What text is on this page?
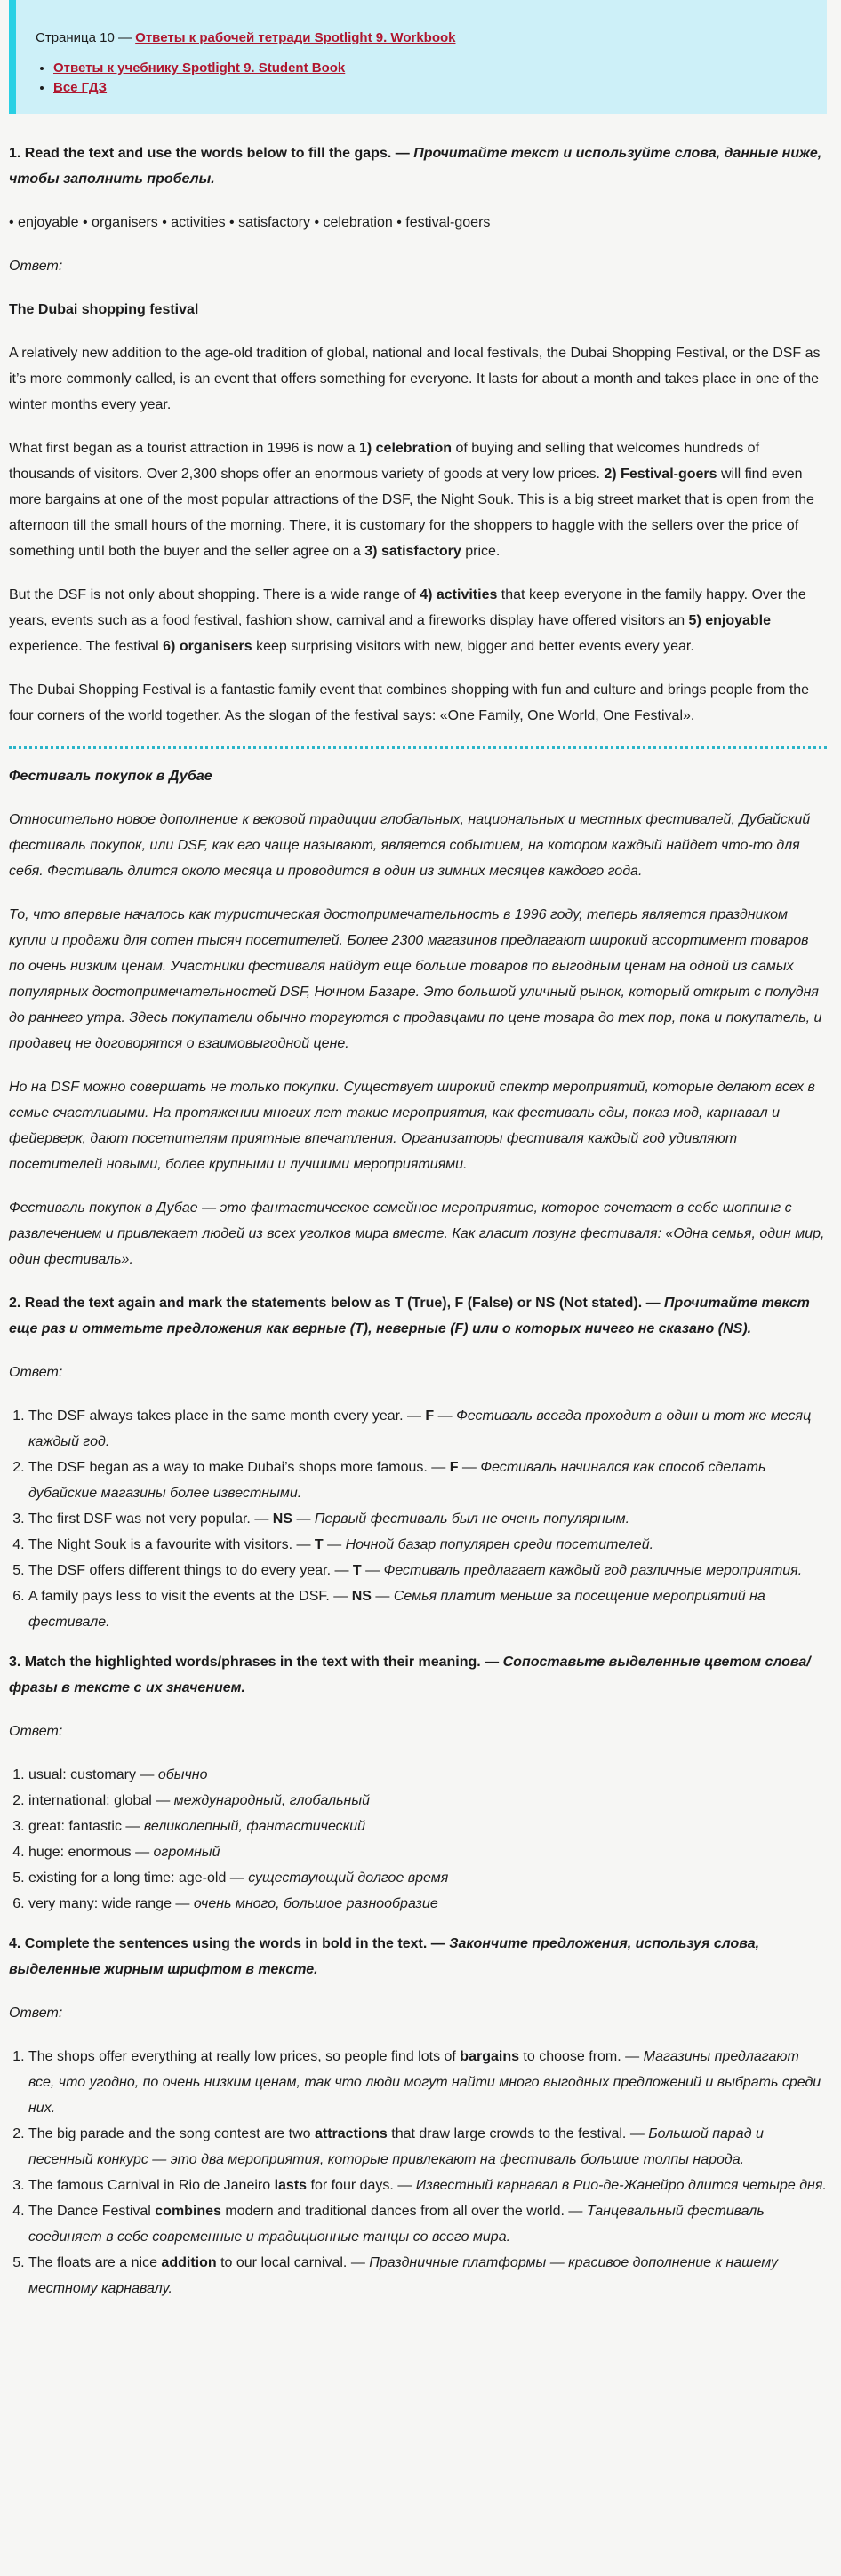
Страница 10 — Ответы к рабочей тетради Spotlight 9. Workbook
• Ответы к учебнику Spotlight 9. Student Book
• Все ГДЗ

1. Read the text and use the words below to fill the gaps. — Прочитайте текст и используйте слова, данные ниже, чтобы заполнить пробелы.

• enjoyable • organisers • activities • satisfactory • celebration • festival-goers

Ответ:

The Dubai shopping festival

A relatively new addition to the age-old tradition of global, national and local festivals, the Dubai Shopping Festival, or the DSF as it’s more commonly called, is an event that offers something for everyone. It lasts for about a month and takes place in one of the winter months every year.

What first began as a tourist attraction in 1996 is now a 1) celebration of buying and selling that welcomes hundreds of thousands of visitors. Over 2,300 shops offer an enormous variety of goods at very low prices. 2) Festival-goers will find even more bargains at one of the most popular attractions of the DSF, the Night Souk. This is a big street market that is open from the afternoon till the small hours of the morning. There, it is customary for the shoppers to haggle with the sellers over the price of something until both the buyer and the seller agree on a 3) satisfactory price.

But the DSF is not only about shopping. There is a wide range of 4) activities that keep everyone in the family happy. Over the years, events such as a food festival, fashion show, carnival and a fireworks display have offered visitors an 5) enjoyable experience. The festival 6) organisers keep surprising visitors with new, bigger and better events every year.

The Dubai Shopping Festival is a fantastic family event that combines shopping with fun and culture and brings people from the four corners of the world together. As the slogan of the festival says: «One Family, One World, One Festival».

Фестиваль покупок в Дубае

Относительно новое дополнение к вековой традиции глобальных, национальных и местных фестивалей, Дубайский фестиваль покупок, или DSF, как его чаще называют, является событием, на котором каждый найдет что-то для себя. Фестиваль длится около месяца и проводится в один из зимних месяцев каждого года.

То, что впервые началось как туристическая достопримечательность в 1996 году, теперь является праздником купли и продажи для сотен тысяч посетителей. Более 2300 магазинов предлагают широкий ассортимент товаров по очень низким ценам. Участники фестиваля найдут еще больше товаров по выгодным ценам на одной из самых популярных достопримечательностей DSF, Ночном Базаре. Это большой уличный рынок, который открыт с полудня до раннего утра. Здесь покупатели обычно торгуются с продавцами по цене товара до тех пор, пока и покупатель, и продавец не договорятся о взаимовыгодной цене.

Но на DSF можно совершать не только покупки. Существует широкий спектр мероприятий, которые делают всех в семье счастливыми. На протяжении многих лет такие мероприятия, как фестиваль еды, показ мод, карнавал и фейерверк, дают посетителям приятные впечатления. Организаторы фестиваля каждый год удивляют посетителей новыми, более крупными и лучшими мероприятиями.

Фестиваль покупок в Дубае — это фантастическое семейное мероприятие, которое сочетает в себе шоппинг с развлечением и привлекает людей из всех уголков мира вместе. Как гласит лозунг фестиваля: «Одна семья, один мир, один фестиваль».

2. Read the text again and mark the statements below as T (True), F (False) or NS (Not stated). — Прочитайте текст еще раз и отметьте предложения как верные (T), неверные (F) или о которых ничего не сказано (NS).

Ответ:

1. The DSF always takes place in the same month every year. — F — Фестиваль всегда проходит в один и тот же месяц каждый год.
2. The DSF began as a way to make Dubai’s shops more famous. — F — Фестиваль начинался как способ сделать дубайские магазины более известными.
3. The first DSF was not very popular. — NS — Первый фестиваль был не очень популярным.
4. The Night Souk is a favourite with visitors. — T — Ночной базар популярен среди посетителей.
5. The DSF offers different things to do every year. — T — Фестиваль предлагает каждый год различные мероприятия.
6. A family pays less to visit the events at the DSF. — NS — Семья платит меньше за посещение мероприятий на фестивале.

3. Match the highlighted words/phrases in the text with their meaning. — Сопоставьте выделенные цветом слова/фразы в тексте с их значением.

Ответ:

1. usual: customary — обычно
2. international: global — международный, глобальный
3. great: fantastic — великолепный, фантастический
4. huge: enormous — огромный
5. existing for a long time: age-old — существующий долгое время
6. very many: wide range — очень много, большое разнообразие

4. Complete the sentences using the words in bold in the text. — Закончите предложения, используя слова, выделенные жирным шрифтом в тексте.

Ответ:

1. The shops offer everything at really low prices, so people find lots of bargains to choose from. — Магазины предлагают все, что угодно, по очень низким ценам, так что люди могут найти много выгодных предложений и выбрать среди них.
2. The big parade and the song contest are two attractions that draw large crowds to the festival. — Большой парад и песенный конкурс — это два мероприятия, которые привлекают на фестиваль большие толпы народа.
3. The famous Carnival in Rio de Janeiro lasts for four days. — Известный карнавал в Рио-де-Жанейро длится четыре дня.
4. The Dance Festival combines modern and traditional dances from all over the world. — Танцевальный фестиваль соединяет в себе современные и традиционные танцы со всего мира.
5. The floats are a nice addition to our local carnival. — Праздничные платформы — красивое дополнение к нашему местному карнавалу.
